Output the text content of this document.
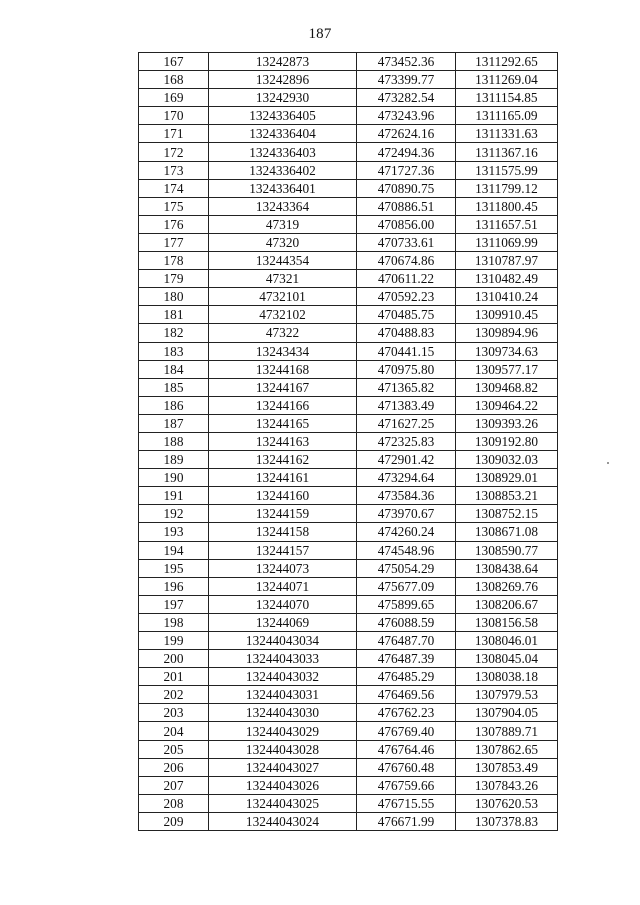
187
167	13242873	473452.36	1311292.65
168	13242896	473399.77	1311269.04
169	13242930	473282.54	1311154.85
170	1324336405	473243.96	1311165.09
171	1324336404	472624.16	1311331.63
172	1324336403	472494.36	1311367.16
173	1324336402	471727.36	1311575.99
174	1324336401	470890.75	1311799.12
175	13243364	470886.51	1311800.45
176	47319	470856.00	1311657.51
177	47320	470733.61	1311069.99
178	13244354	470674.86	1310787.97
179	47321	470611.22	1310482.49
180	4732101	470592.23	1310410.24
181	4732102	470485.75	1309910.45
182	47322	470488.83	1309894.96
183	13243434	470441.15	1309734.63
184	13244168	470975.80	1309577.17
185	13244167	471365.82	1309468.82
186	13244166	471383.49	1309464.22
187	13244165	471627.25	1309393.26
188	13244163	472325.83	1309192.80
189	13244162	472901.42	1309032.03
190	13244161	473294.64	1308929.01
191	13244160	473584.36	1308853.21
192	13244159	473970.67	1308752.15
193	13244158	474260.24	1308671.08
194	13244157	474548.96	1308590.77
195	13244073	475054.29	1308438.64
196	13244071	475677.09	1308269.76
197	13244070	475899.65	1308206.67
198	13244069	476088.59	1308156.58
199	13244043034	476487.70	1308046.01
200	13244043033	476487.39	1308045.04
201	13244043032	476485.29	1308038.18
202	13244043031	476469.56	1307979.53
203	13244043030	476762.23	1307904.05
204	13244043029	476769.40	1307889.71
205	13244043028	476764.46	1307862.65
206	13244043027	476760.48	1307853.49
207	13244043026	476759.66	1307843.26
208	13244043025	476715.55	1307620.53
209	13244043024	476671.99	1307378.83
